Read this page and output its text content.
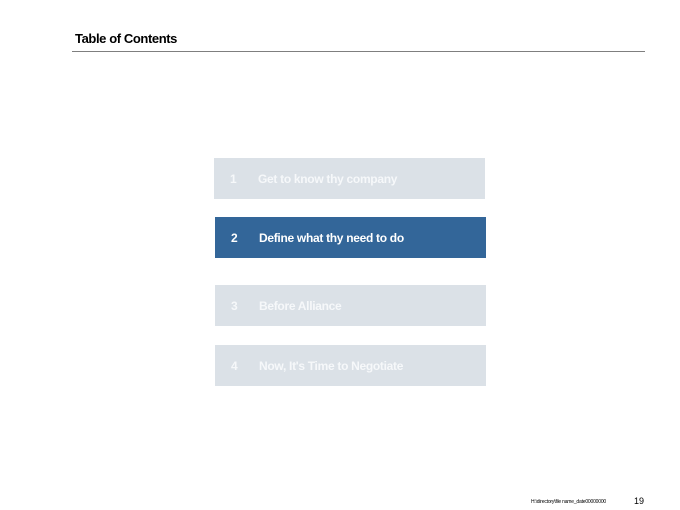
Table of Contents
1	Get to know thy company
2	Define what thy need to do
3	Before Alliance
4	Now, It's Time to Negotiate
H:\directory\file name_date00000000	19
